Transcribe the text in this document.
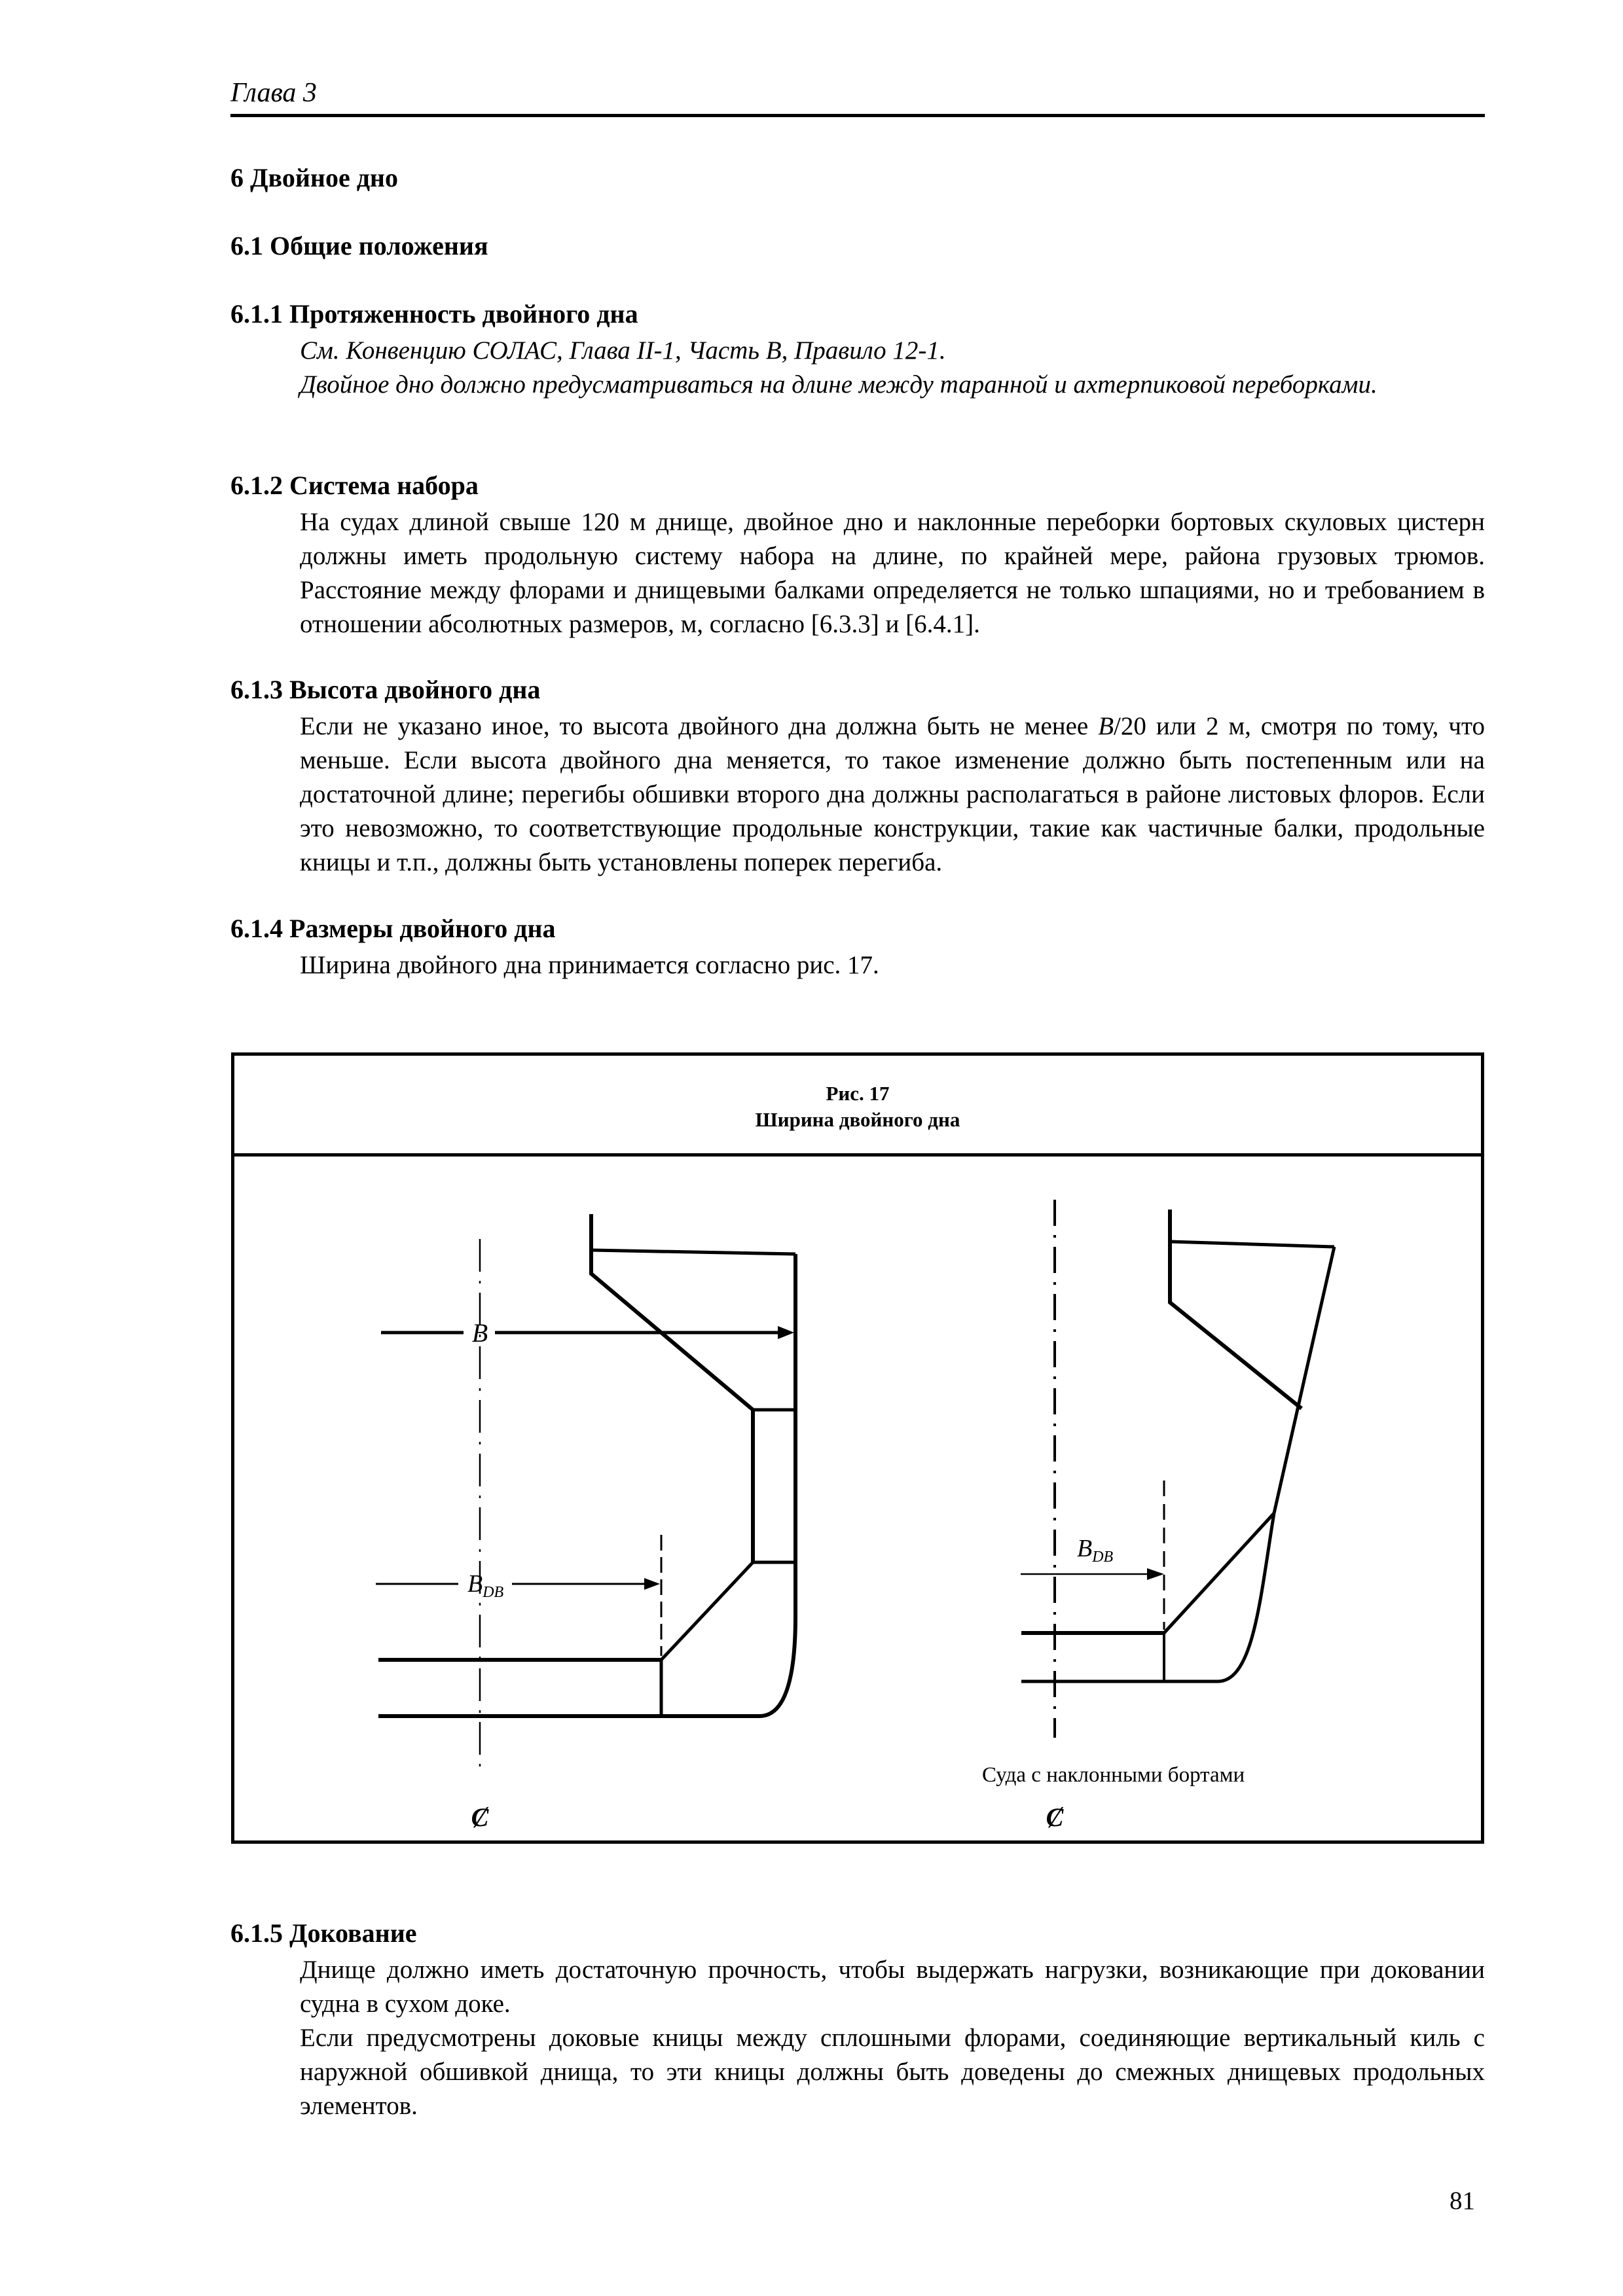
Глава 3
6 Двойное дно
6.1 Общие положения
6.1.1 Протяженность двойного дна

См. Конвенцию СОЛАС, Глава II-1, Часть B, Правило 12-1.

Двойное дно должно предусматриваться на длине между таранной и ахтерпиковой переборками.

6.1.2 Система набора

На судах длиной свыше 120 м днище, двойное дно и наклонные переборки бортовых скуловых цистерн должны иметь продольную систему набора на длине, по крайней мере, района грузовых трюмов. Расстояние между флорами и днищевыми балками определяется не только шпациями, но и требованием в отношении абсолютных размеров, м, согласно [6.3.3] и [6.4.1].

6.1.3 Высота двойного дна

Если не указано иное, то высота двойного дна должна быть не менее B/20 или 2 м, смотря по тому, что меньше. Если высота двойного дна меняется, то такое изменение должно быть постепенным или на достаточной длине; перегибы обшивки второго дна должны располагаться в районе листовых флоров. Если это невозможно, то соответствующие продольные конструкции, такие как частичные балки, продольные кницы и т.п., должны быть установлены поперек перегиба.

6.1.4 Размеры двойного дна

Ширина двойного дна принимается согласно рис. 17.

Рис. 17
Ширина двойного дна
B
$B_{DB}$
Ȼ
$B_{DB}$
Ȼ
Суда с наклонными бортами
6.1.5 Докование

Днище должно иметь достаточную прочность, чтобы выдержать нагрузки, возникающие при доковании судна в сухом доке.

Если предусмотрены доковые кницы между сплошными флорами, соединяющие вертикальный киль с наружной обшивкой днища, то эти кницы должны быть доведены до смежных днищевых продольных элементов.

81
